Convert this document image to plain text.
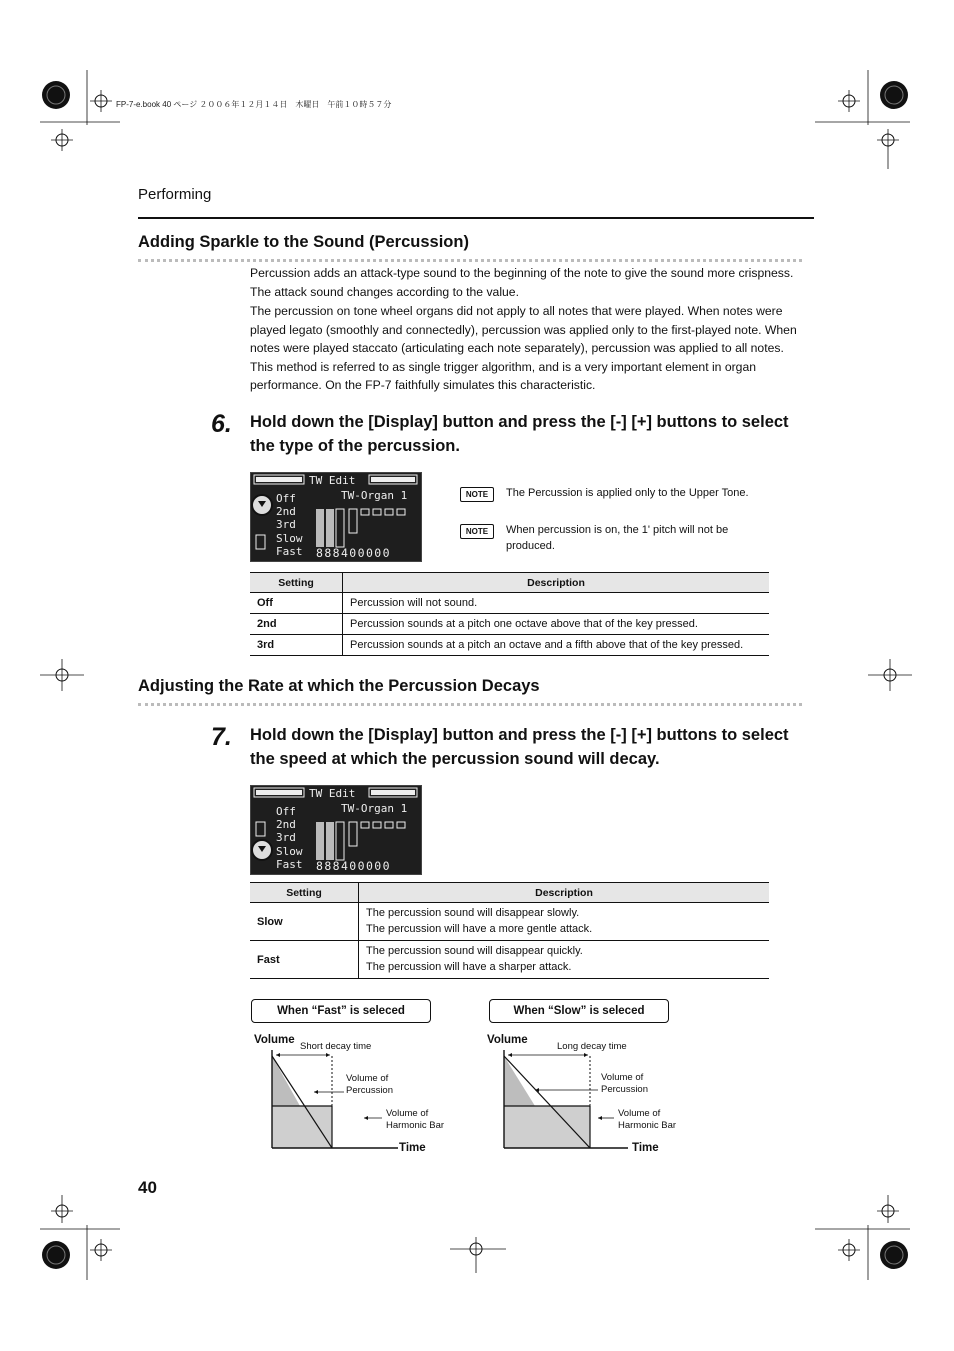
FP-7-e.book 40 ページ ２００６年１２月１４日　木曜日　午前１０時５７分
Performing
Adding Sparkle to the Sound (Percussion)

Percussion adds an attack-type sound to the beginning of the note to give the sound more crispness. The attack sound changes according to the value.

The percussion on tone wheel organs did not apply to all notes that were played. When notes were played legato (smoothly and connectedly), percussion was applied only to the first-played note. When notes were played staccato (articulating each note separately), percussion was applied to all notes. This method is referred to as single trigger algorithm, and is a very important element in organ performance. On the FP-7 faithfully simulates this characteristic.

6. Hold down the [Display] button and press the [-] [+] buttons to select the type of the percussion.

TW Edit
TW-Organ 1
Off
2nd
3rd
Slow
Fast 888400000
NOTE	The Percussion is applied only to the Upper Tone.
NOTE	When percussion is on, the 1' pitch will not be produced.
Setting	Description
Off	Percussion will not sound.
2nd	Percussion sounds at a pitch one octave above that of the key pressed.
3rd	Percussion sounds at a pitch an octave and a fifth above that of the key pressed.
Adjusting the Rate at which the Percussion Decays
7. Hold down the [Display] button and press the [-] [+] buttons to select the speed at which the percussion sound will decay.

TW Edit
TW-Organ 1
Off
2nd
3rd
Slow
Fast 888400000
Setting	Description
Slow	The percussion sound will disappear slowly.
The percussion will have a more gentle attack.

Fast	The percussion sound will disappear quickly.
The percussion will have a sharper attack.
When “Fast” is seleced	When “Slow” is seleced
Volume
Short decay time
Volume of
Percussion
Volume of
Harmonic Bar
Time
Volume
Long decay time
Volume of
Percussion
Volume of
Harmonic Bar
Time
40
